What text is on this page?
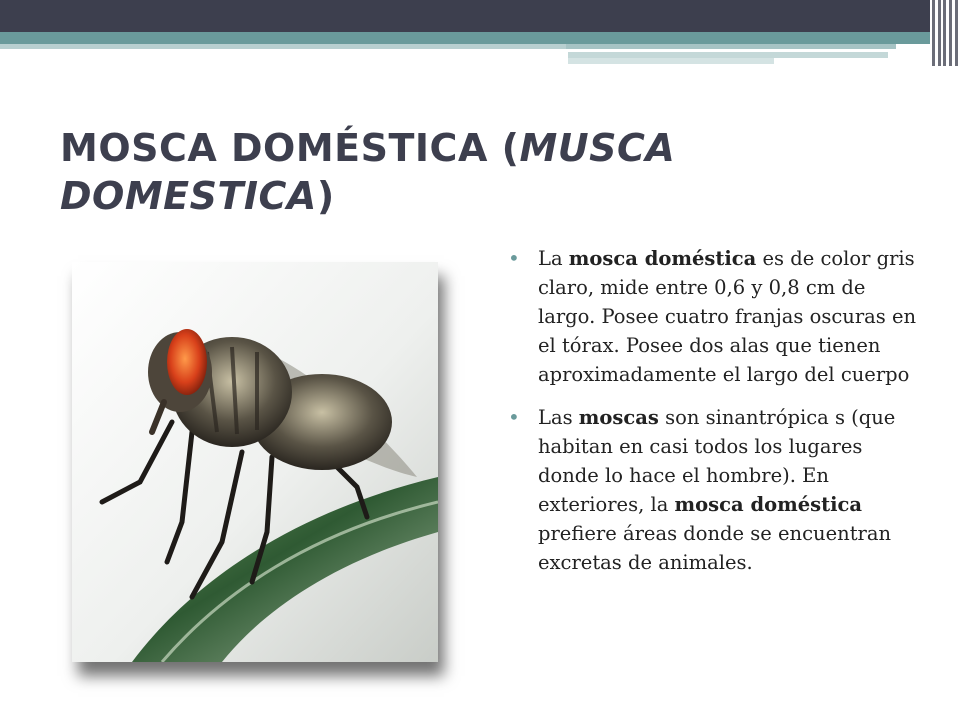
MOSCA DOMÉSTICA (MUSCA DOMESTICA)
• La mosca doméstica es de color gris claro, mide entre 0,6 y 0,8 cm de largo. Posee cuatro franjas oscuras en el tórax. Posee dos alas que tienen aproximadamente el largo del cuerpo
• Las moscas son sinantrópica s (que habitan en casi todos los lugares donde lo hace el hombre). En exteriores, la mosca doméstica prefiere áreas donde se encuentran excretas de animales.
